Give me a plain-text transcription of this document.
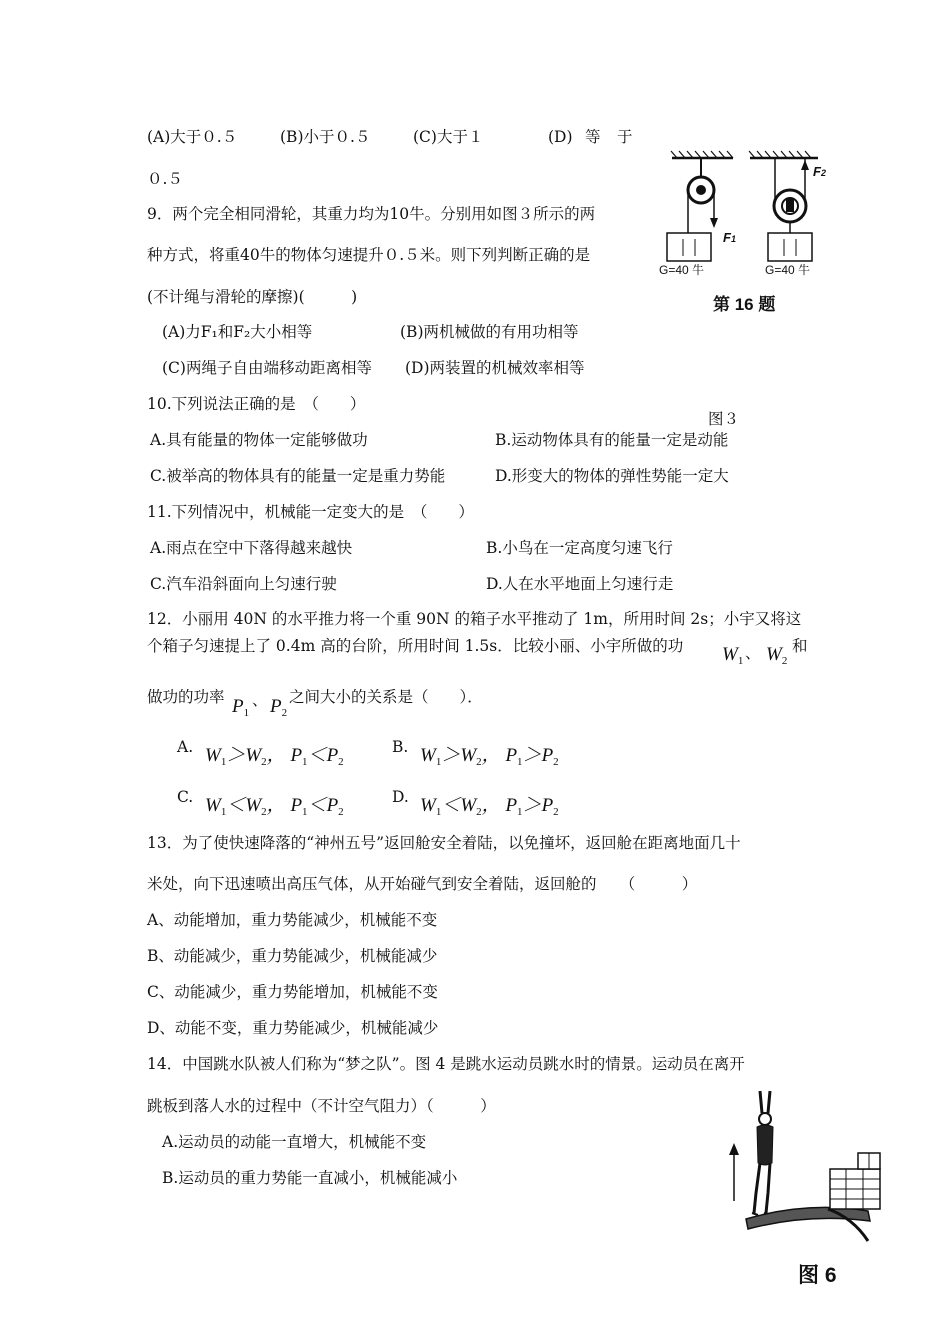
(A)大于０.５	(B)小于０.５	(C)大于１	(D) 等 于
０.５
9．两个完全相同滑轮，其重力均为10牛。分别用如图３所示的两
种方式，将重40牛的物体匀速提升０.５米。则下列判断正确的是
(不计绳与滑轮的摩擦)(　　　)
(A)力F₁和F₂大小相等	(B)两机械做的有用功相等
(C)两绳子自由端移动距离相等 (D)两装置的机械效率相等
F1
F2
G=40 牛	G=40 牛
第 16 题
图３
10.下列说法正确的是　（　　）
A.具有能量的物体一定能够做功	B.运动物体具有的能量一定是动能
C.被举高的物体具有的能量一定是重力势能	D.形变大的物体的弹性势能一定大
11.下列情况中，机械能一定变大的是　（　　）
A.雨点在空中下落得越来越快	B.小鸟在一定高度匀速飞行
C.汽车沿斜面向上匀速行驶	D.人在水平地面上匀速行走
12．小丽用 40N 的水平推力将一个重 90N 的箱子水平推动了 1m，所用时间 2s；小宇又将这
个箱子匀速提上了 0.4m 高的台阶，所用时间 1.5s．比较小丽、小宇所做的功 $W_1$ 、 $W_2$
和
做功的功率 $P_1$
、 $P_2$
之间大小的关系是（　　）．
A. $W_1>W_2$， $P_1<P_2$
B. $W_1>W_2$， $P_1>P_2$
C. $W_1<W_2$， $P_1<P_2$
D. $W_1<W_2$， $P_1>P_2$
13．为了使快速降落的“神州五号”返回舱安全着陆，以免撞坏，返回舱在距离地面几十
米处，向下迅速喷出高压气体，从开始碰气到安全着陆，返回舱的　　（　　　）
A、动能增加，重力势能减少，机械能不变
B、动能减少，重力势能减少，机械能减少
C、动能减少，重力势能增加，机械能不变
D、动能不变，重力势能减少，机械能减少
14．中国跳水队被人们称为“梦之队”。图 4 是跳水运动员跳水时的情景。运动员在离开
跳板到落人水的过程中（不计空气阻力）（　　　）
A.运动员的动能一直增大，机械能不变
B.运动员的重力势能一直减小，机械能减小
图 6
